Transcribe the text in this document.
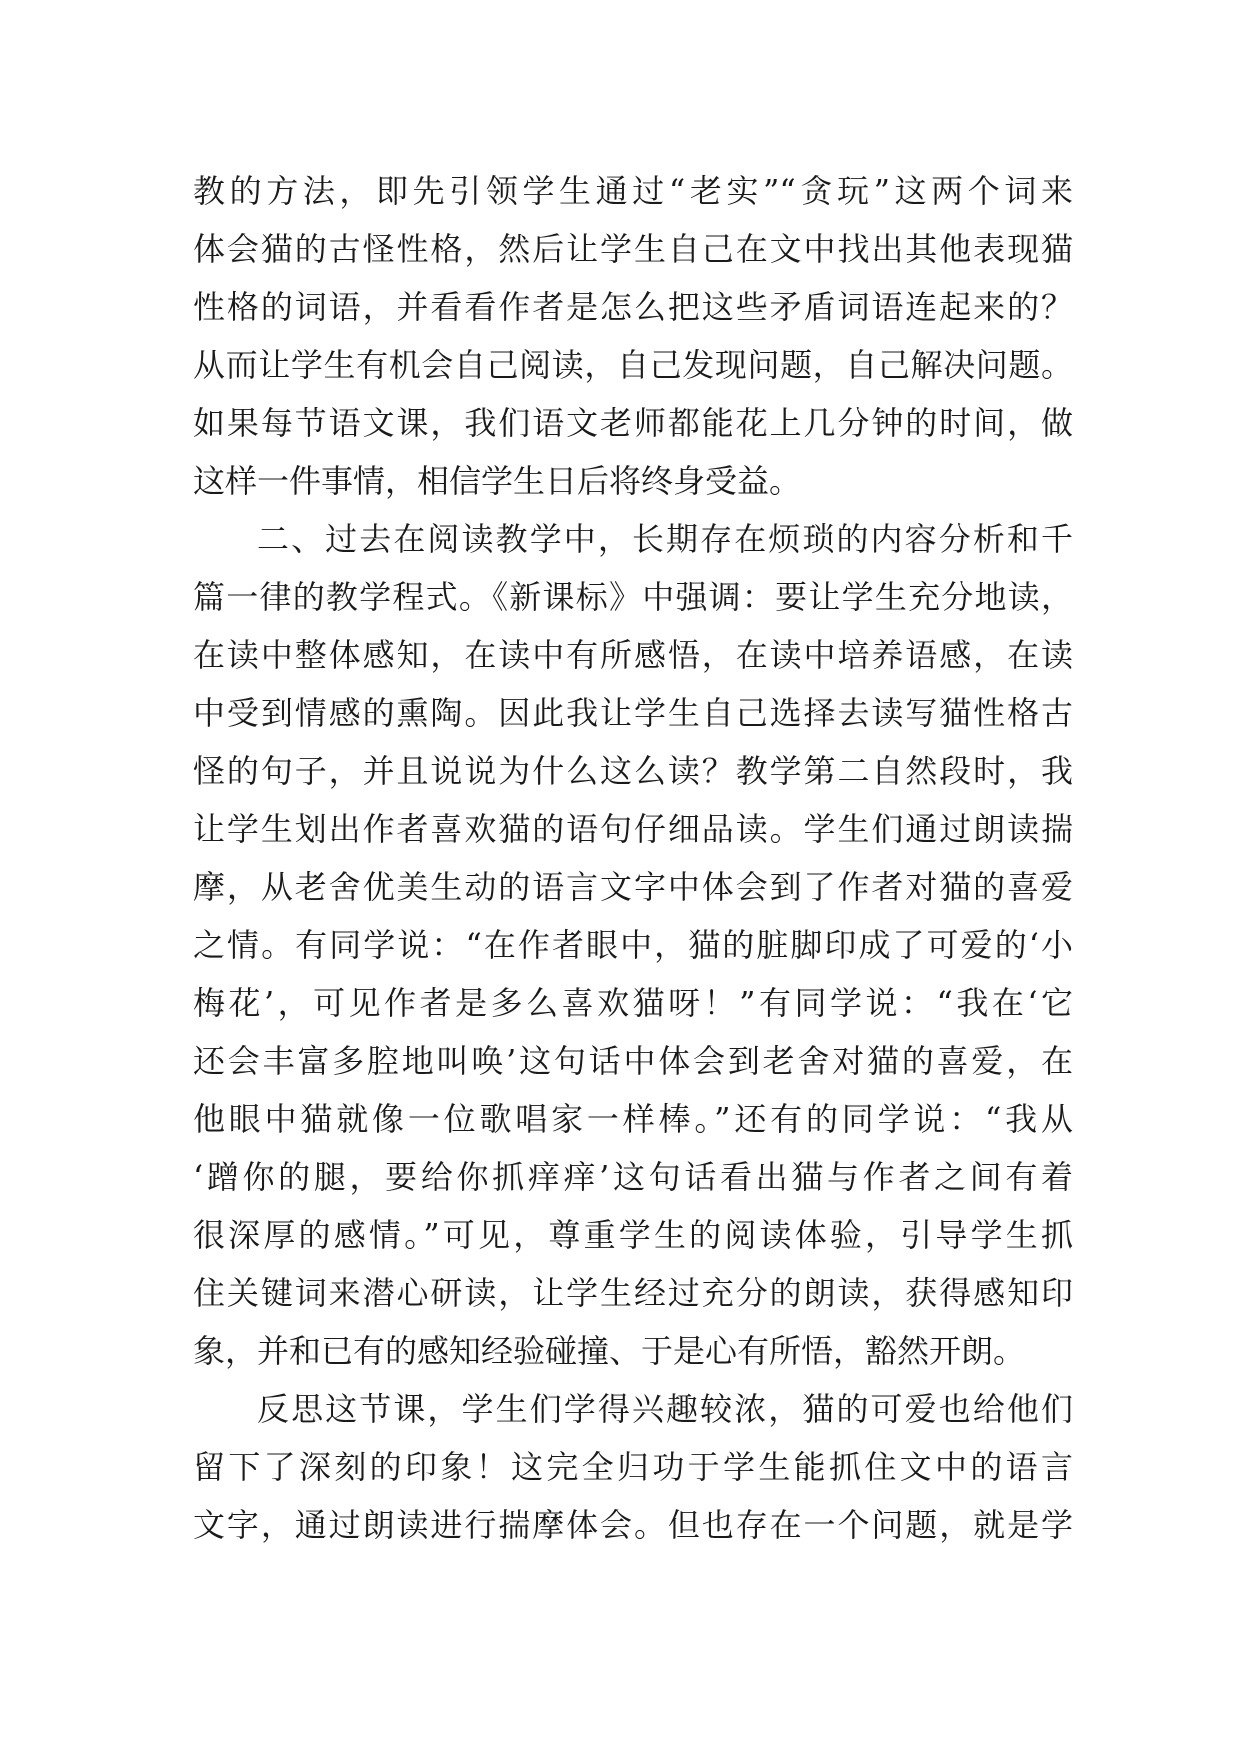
教的方法，即先引领学生通过“老实”“贪玩”这两个词来
体会猫的古怪性格，然后让学生自己在文中找出其他表现猫
性格的词语，并看看作者是怎么把这些矛盾词语连起来的？
从而让学生有机会自己阅读，自己发现问题，自己解决问题。
如果每节语文课，我们语文老师都能花上几分钟的时间，做
这样一件事情，相信学生日后将终身受益。
二、过去在阅读教学中，长期存在烦琐的内容分析和千
篇一律的教学程式。《新课标》中强调：要让学生充分地读，
在读中整体感知，在读中有所感悟，在读中培养语感，在读
中受到情感的熏陶。因此我让学生自己选择去读写猫性格古
怪的句子，并且说说为什么这么读？教学第二自然段时，我
让学生划出作者喜欢猫的语句仔细品读。学生们通过朗读揣
摩，从老舍优美生动的语言文字中体会到了作者对猫的喜爱
之情。有同学说：“在作者眼中，猫的脏脚印成了可爱的‘小
梅花’，可见作者是多么喜欢猫呀！”有同学说：“我在‘它
还会丰富多腔地叫唤’这句话中体会到老舍对猫的喜爱，在
他眼中猫就像一位歌唱家一样棒。”还有的同学说：“我从
‘蹭你的腿，要给你抓痒痒’这句话看出猫与作者之间有着
很深厚的感情。”可见，尊重学生的阅读体验，引导学生抓
住关键词来潜心研读，让学生经过充分的朗读，获得感知印
象，并和已有的感知经验碰撞、于是心有所悟，豁然开朗。
反思这节课，学生们学得兴趣较浓，猫的可爱也给他们
留下了深刻的印象！这完全归功于学生能抓住文中的语言
文字，通过朗读进行揣摩体会。但也存在一个问题，就是学
